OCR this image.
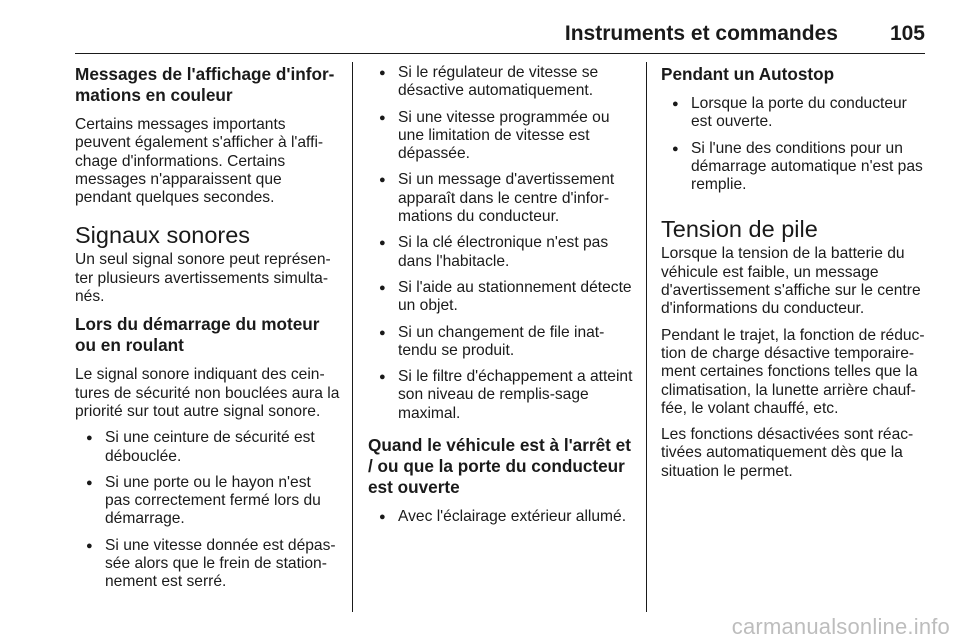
Instruments et commandes 105
Messages de l'affichage d'infor-
mations en couleur

Certains messages importants peuvent également s'afficher à l'affi-chage d'informations. Certains messages n'apparaissent que pendant quelques secondes.

Signaux sonores

Un seul signal sonore peut représen-ter plusieurs avertissements simulta-nés.

Lors du démarrage du moteur ou en roulant

Le signal sonore indiquant des cein-tures de sécurité non bouclées aura la priorité sur tout autre signal sonore.

● Si une ceinture de sécurité est débouclée.
● Si une porte ou le hayon n'est pas correctement fermé lors du démarrage.
● Si une vitesse donnée est dépas-sée alors que le frein de station-nement est serré.
● Si le régulateur de vitesse se désactive automatiquement.
● Si une vitesse programmée ou une limitation de vitesse est dépassée.
● Si un message d'avertissement apparaît dans le centre d'infor-mations du conducteur.
● Si la clé électronique n'est pas dans l'habitacle.
● Si l'aide au stationnement détecte un objet.
● Si un changement de file inat-tendu se produit.
● Si le filtre d'échappement a atteint son niveau de remplis-sage maximal.
Quand le véhicule est à l'arrêt et / ou que la porte du conducteur est ouverte
● Avec l'éclairage extérieur allumé.
Pendant un Autostop
● Lorsque la porte du conducteur est ouverte.
● Si l'une des conditions pour un démarrage automatique n'est pas remplie.
Tension de pile

Lorsque la tension de la batterie du véhicule est faible, un message d'avertissement s'affiche sur le centre d'informations du conducteur.

Pendant le trajet, la fonction de réduc-tion de charge désactive temporaire-ment certaines fonctions telles que la climatisation, la lunette arrière chauf-fée, le volant chauffé, etc.

Les fonctions désactivées sont réac-tivées automatiquement dès que la situation le permet.

carmanualsonline.info
